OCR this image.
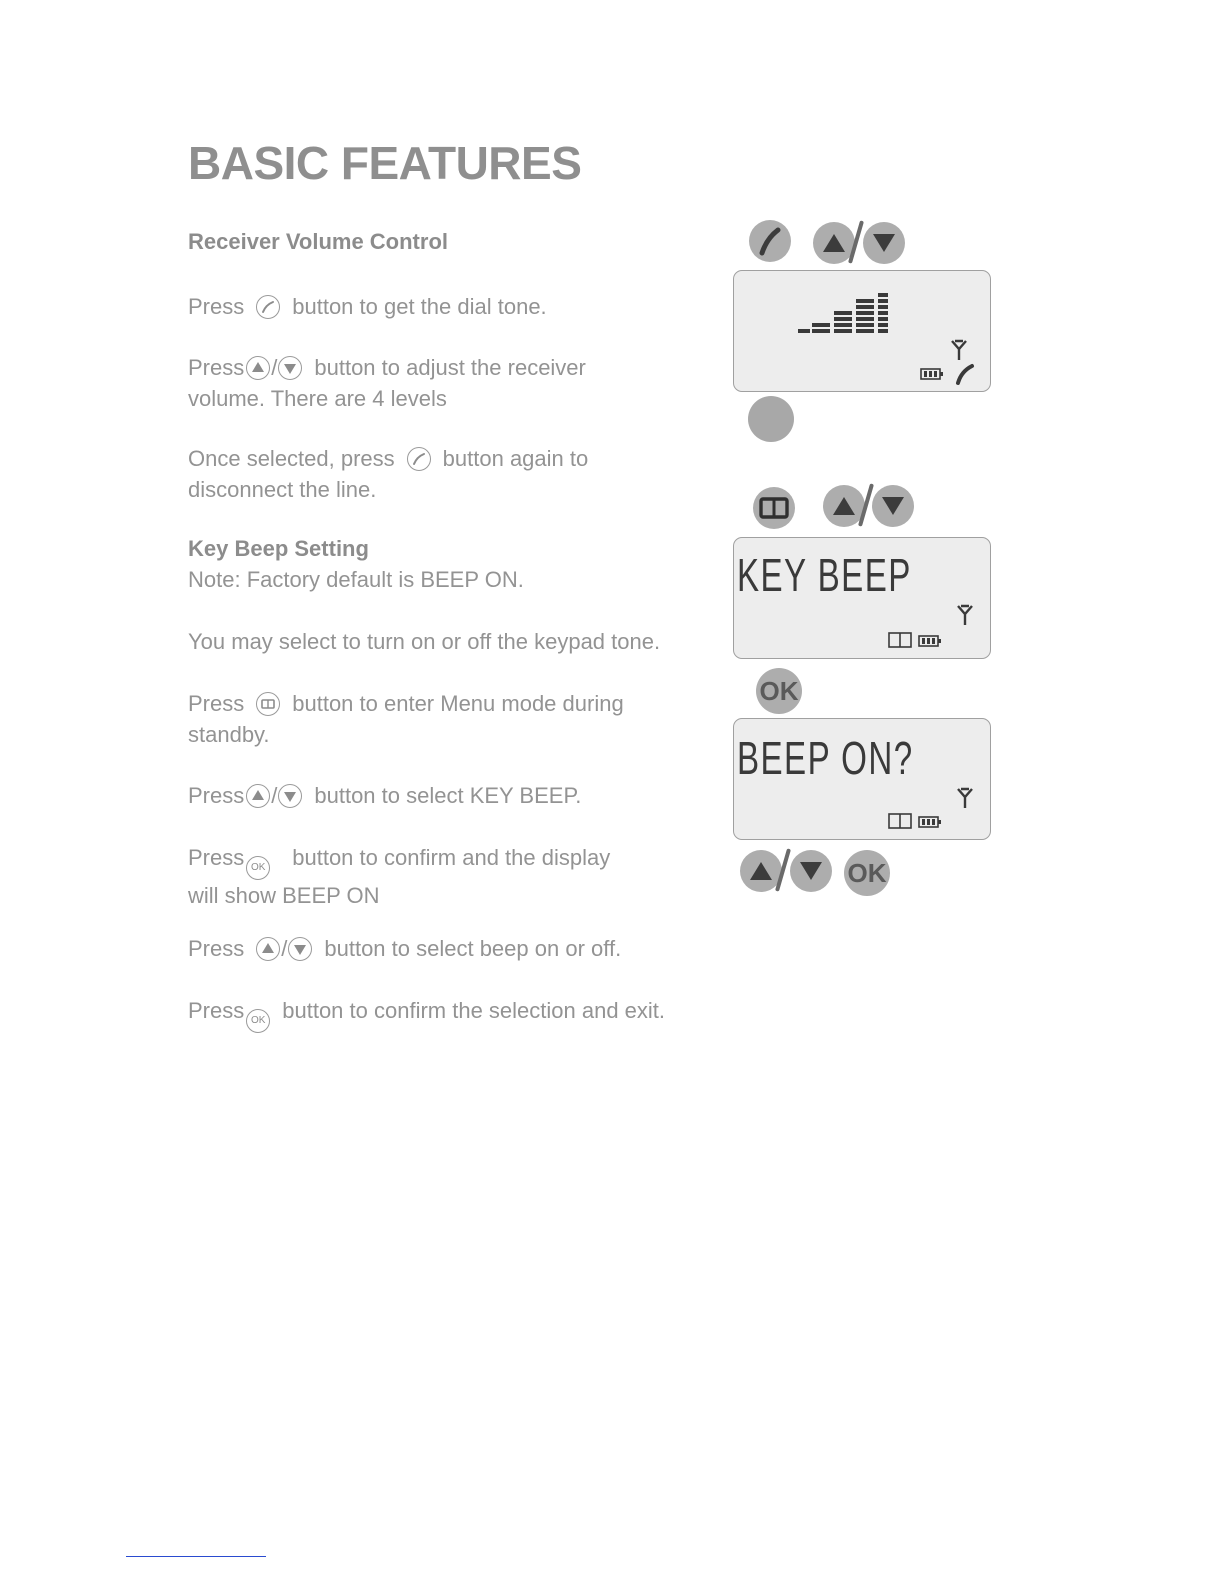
BASIC FEATURES
Receiver Volume Control
Press button to get the dial tone.
Press / button to adjust the receiver
volume. There are 4 levels
Once selected, press button again to
disconnect the line.
Key Beep Setting
Note: Factory default is BEEP ON.
You may select to turn on or off the keypad tone.
Press button to enter Menu mode during
standby.
Press / button to select KEY BEEP.
Press OK button to confirm and the display
will show BEEP ON
Press / button to select beep on or off.
Press OK button to confirm the selection and exit.
KEY BEEP
OK
BEEP ON?
OK
